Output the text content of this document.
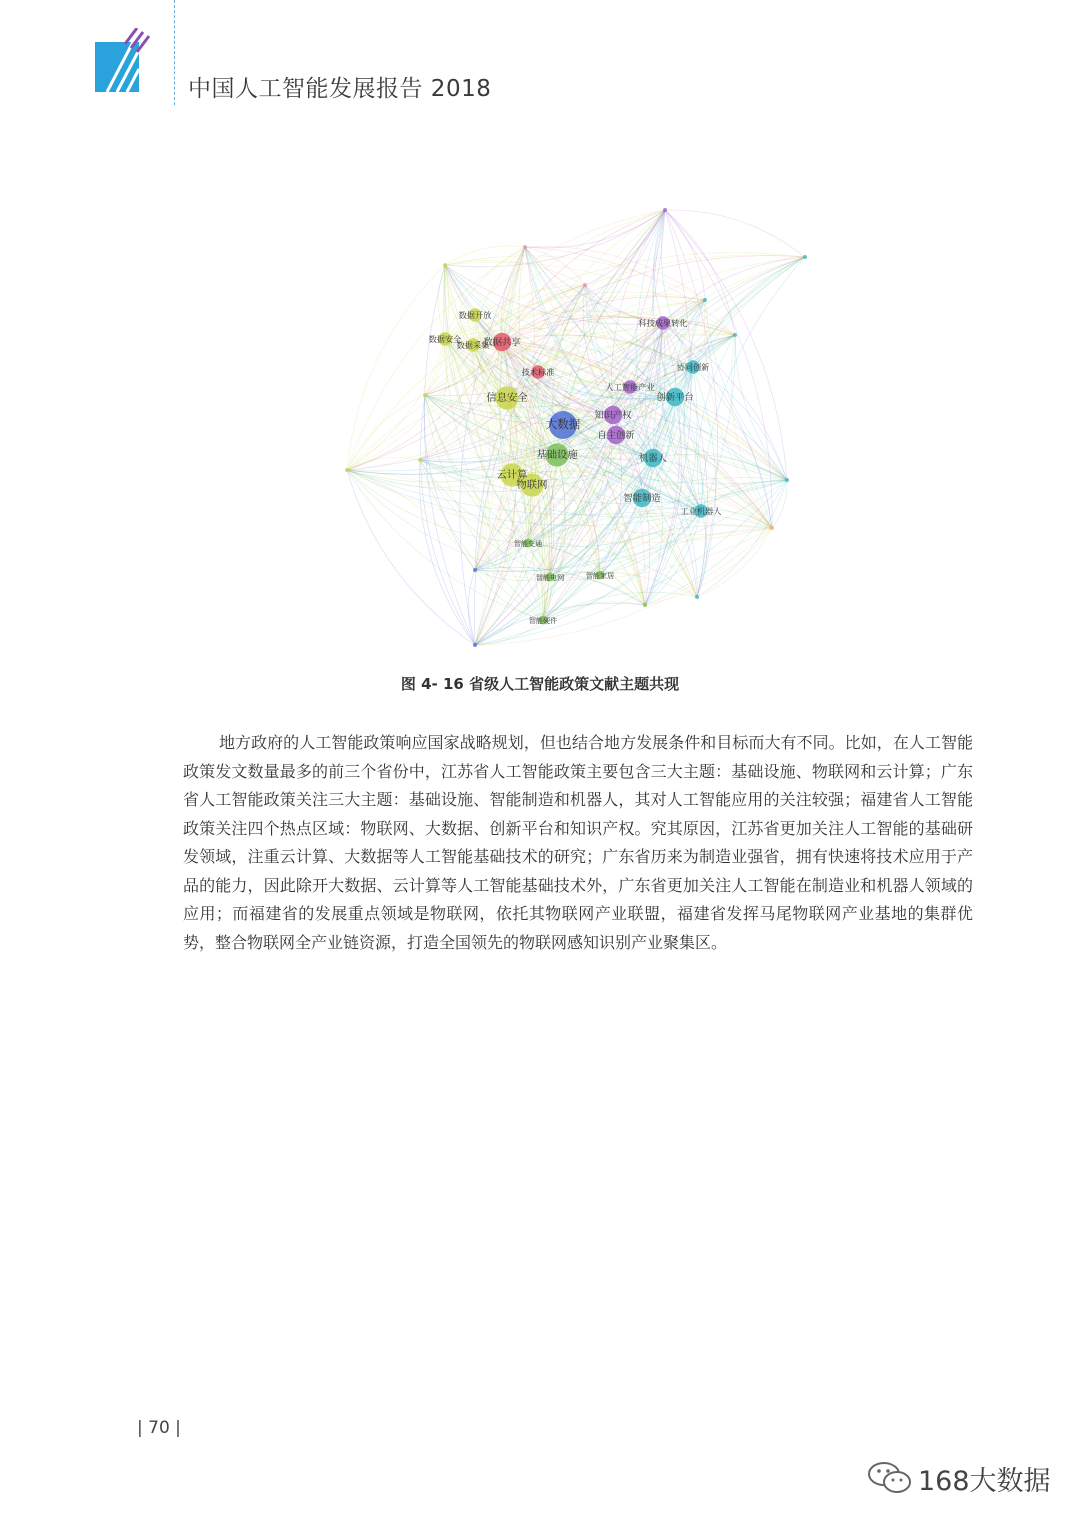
CISTP 中国人工智能发展报告 2018
大数据
基础设施
信息安全
物联网
云计算
知识产权
自主创新
机器人
创新平台
智能制造
工业机器人
数据共享
数据开放
数据采集
数据安全
技术标准
科技成果转化
协同创新
人工智能产业
智能交通
智能电网	智能家居
智能硬件
图 4- 16 省级人工智能政策文献主题共现

地方政府的人工智能政策响应国家战略规划，但也结合地方发展条件和目标而大有不同。比如，在人工智能政策发文数量最多的前三个省份中，江苏省人工智能政策主要包含三大主题：基础设施、物联网和云计算；广东省人工智能政策关注三大主题：基础设施、智能制造和机器人，其对人工智能应用的关注较强；福建省人工智能政策关注四个热点区域：物联网、大数据、创新平台和知识产权。究其原因，江苏省更加关注人工智能的基础研发领域，注重云计算、大数据等人工智能基础技术的研究；广东省历来为制造业强省，拥有快速将技术应用于产品的能力，因此除开大数据、云计算等人工智能基础技术外，广东省更加关注人工智能在制造业和机器人领域的应用；而福建省的发展重点领域是物联网，依托其物联网产业联盟，福建省发挥马尾物联网产业基地的集群优势，整合物联网全产业链资源，打造全国领先的物联网感知识别产业聚集区。

| 70 |
168大数据
